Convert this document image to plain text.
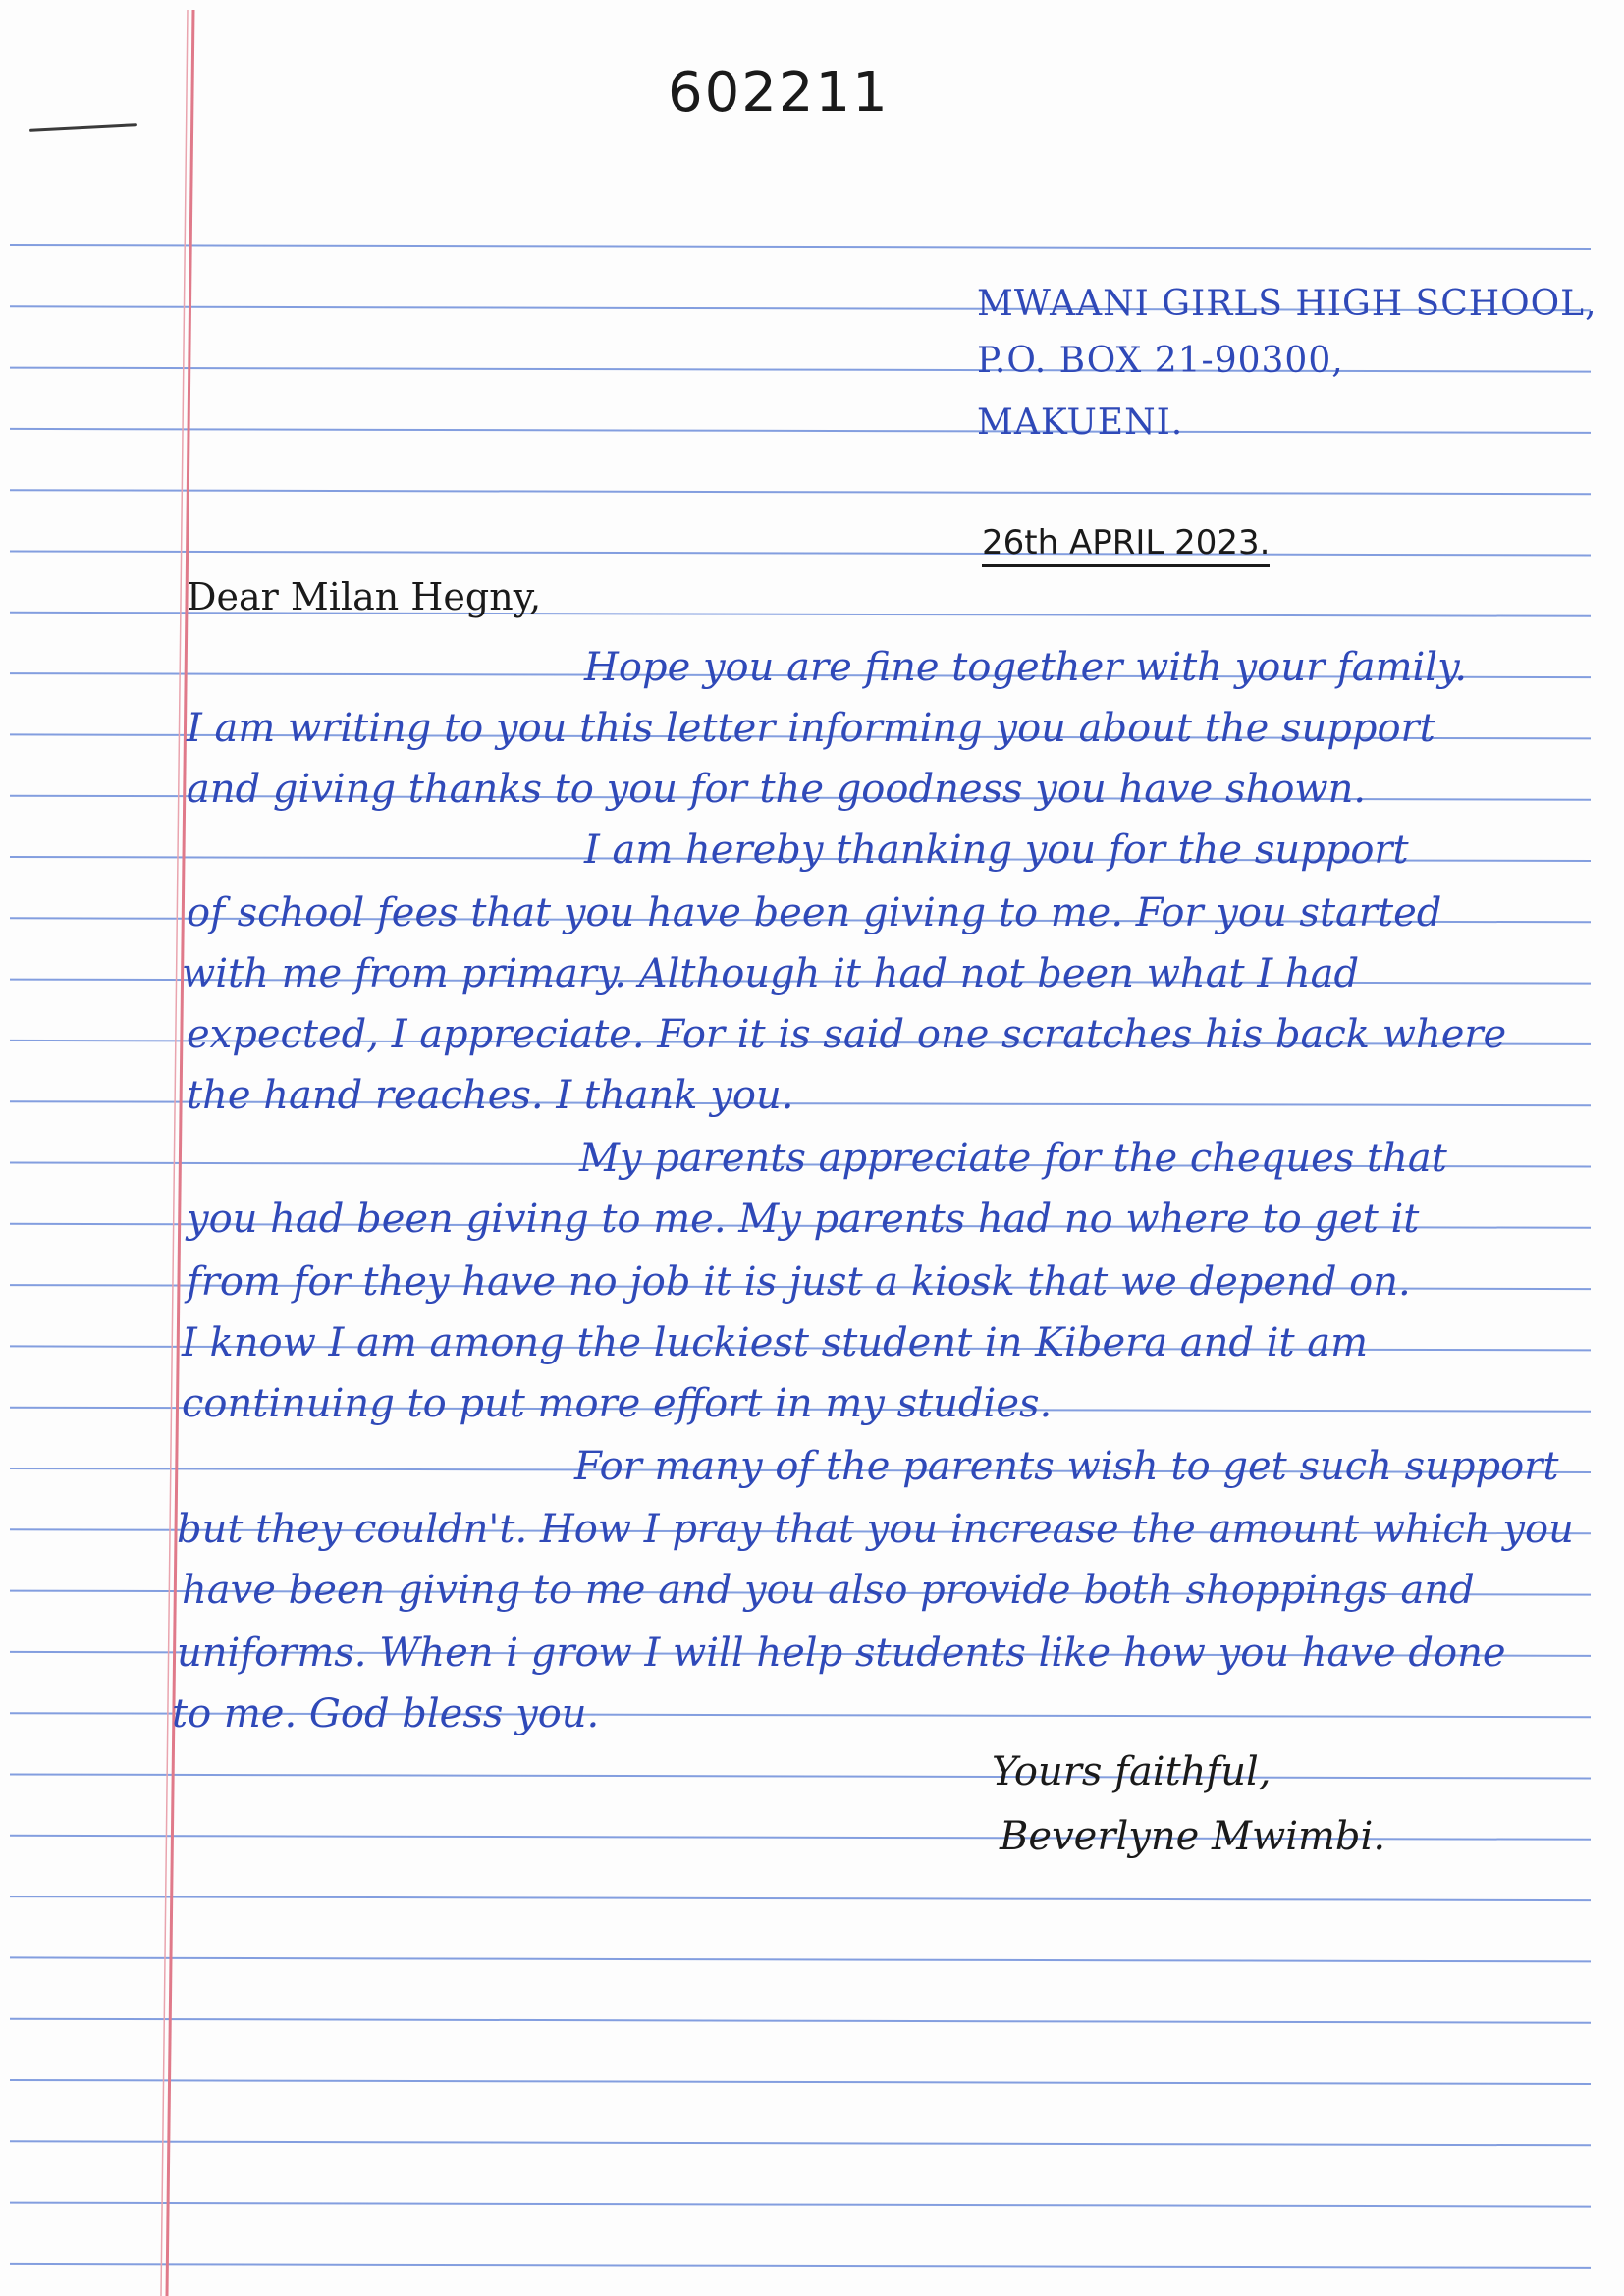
602211
MWAANI GIRLS HIGH SCHOOL,
P.O. BOX 21-90300,
MAKUENI.
26th APRIL 2023.
Dear Milan Hegny,
Hope you are fine together with your family.
I am writing to you this letter informing you about the support
and giving thanks to you for the goodness you have shown.
I am hereby thanking you for the support
of school fees that you have been giving to me. For you started
with me from primary. Although it had not been what I had
expected, I appreciate. For it is said one scratches his back where
the hand reaches. I thank you.
My parents appreciate for the cheques that
you had been giving to me. My parents had no where to get it
from for they have no job it is just a kiosk that we depend on.
I know I am among the luckiest student in Kibera and it am
continuing to put more effort in my studies.
For many of the parents wish to get such support
but they couldn't. How I pray that you increase the amount which you
have been giving to me and you also provide both shoppings and
uniforms. When i grow I will help students like how you have done
to me. God bless you.
Yours faithful,
Beverlyne Mwimbi.
